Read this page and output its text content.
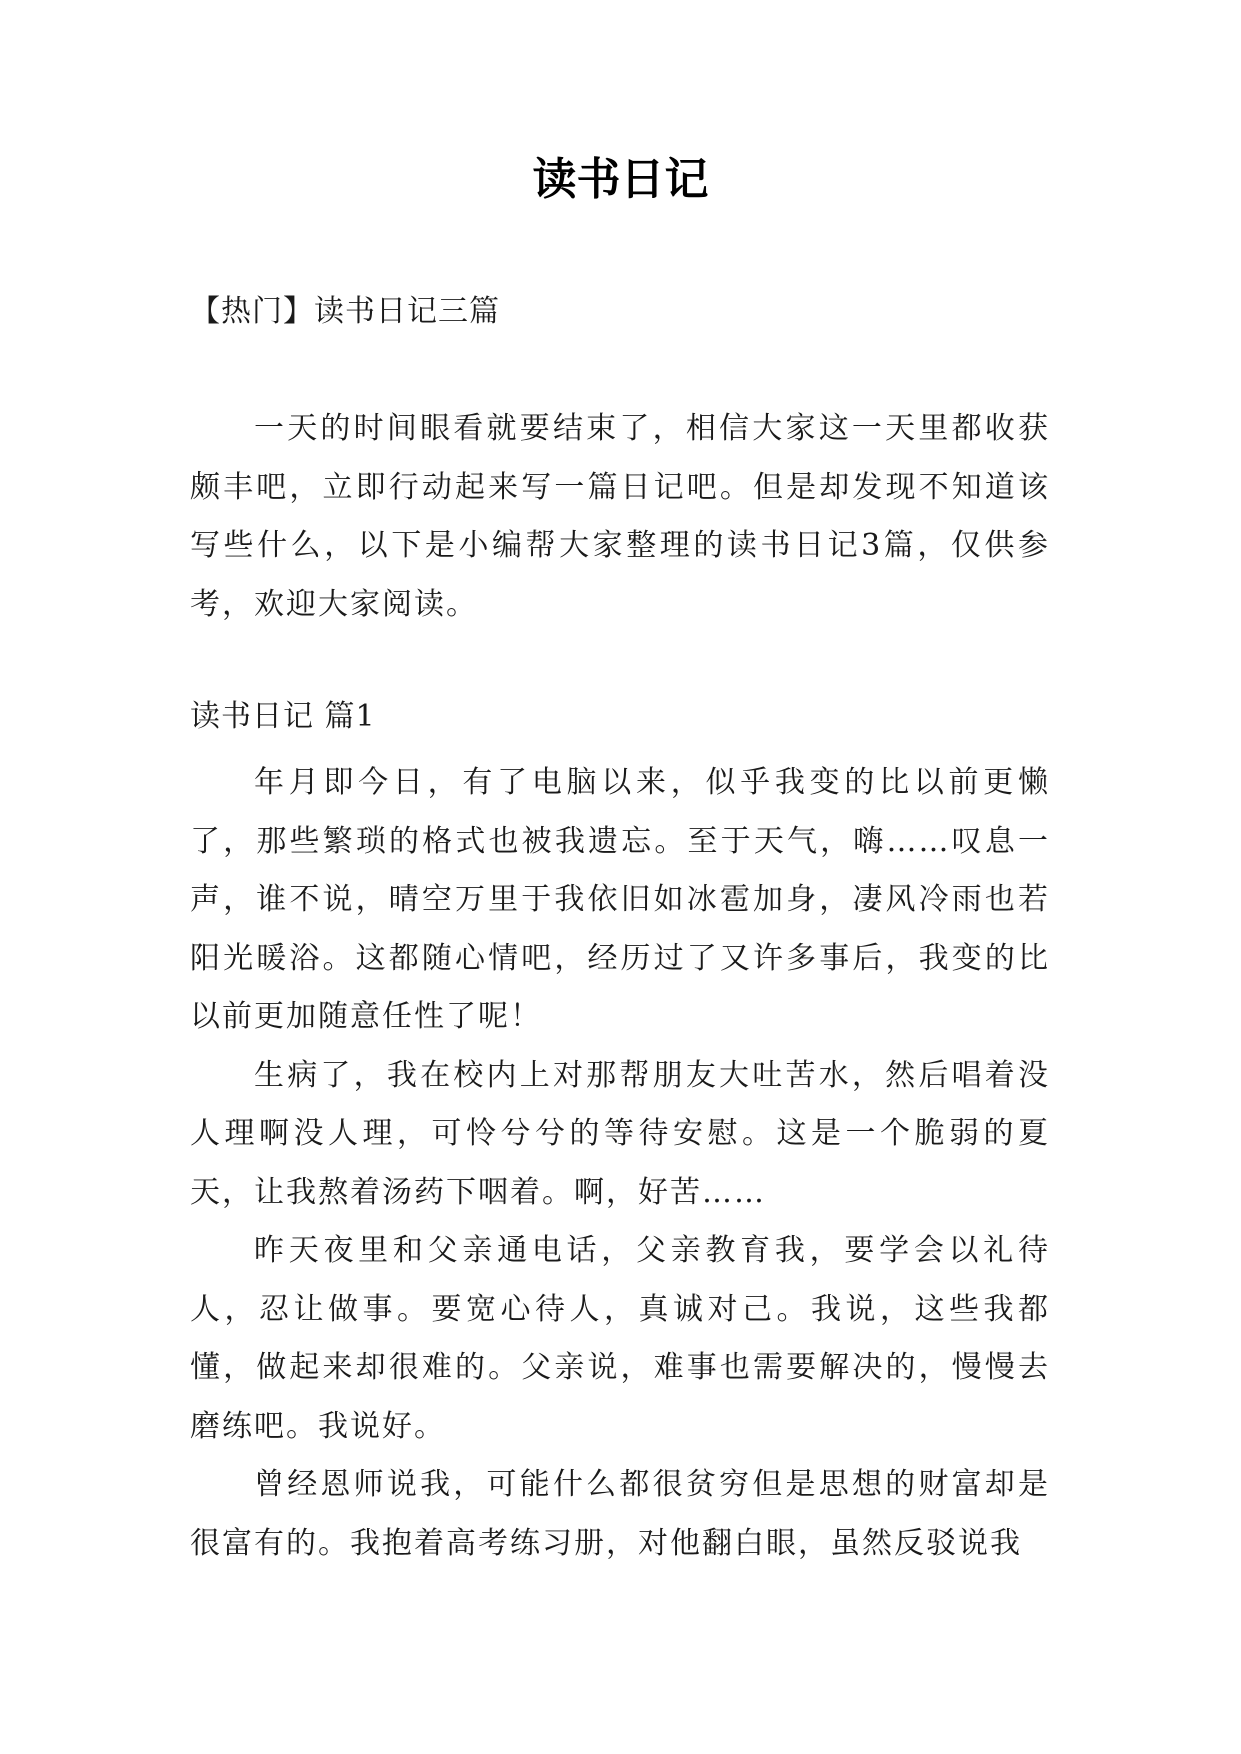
读书日记

【热门】读书日记三篇

一天的时间眼看就要结束了，相信大家这一天里都收获颇丰吧，立即行动起来写一篇日记吧。但是却发现不知道该写些什么，以下是小编帮大家整理的读书日记3篇，仅供参考，欢迎大家阅读。

读书日记 篇1

年月即今日，有了电脑以来，似乎我变的比以前更懒了，那些繁琐的格式也被我遗忘。至于天气，嗨……叹息一声，谁不说，晴空万里于我依旧如冰雹加身，凄风冷雨也若阳光暖浴。这都随心情吧，经历过了又许多事后，我变的比以前更加随意任性了呢！

生病了，我在校内上对那帮朋友大吐苦水，然后唱着没人理啊没人理，可怜兮兮的等待安慰。这是一个脆弱的夏天，让我熬着汤药下咽着。啊，好苦……

昨天夜里和父亲通电话，父亲教育我，要学会以礼待人，忍让做事。要宽心待人，真诚对己。我说，这些我都懂，做起来却很难的。父亲说，难事也需要解决的，慢慢去磨练吧。我说好。

曾经恩师说我，可能什么都很贫穷但是思想的财富却是很富有的。我抱着高考练习册，对他翻白眼，虽然反驳说我
